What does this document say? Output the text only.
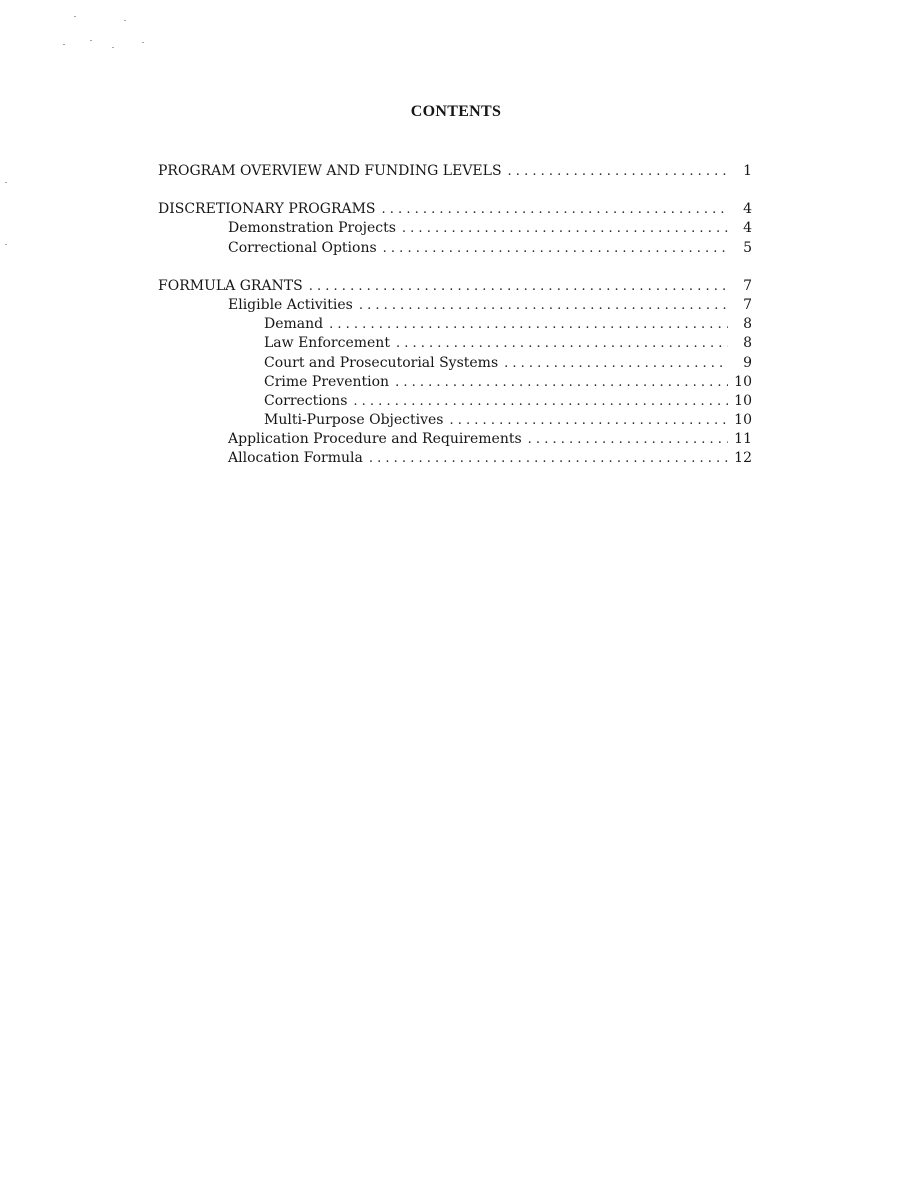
CONTENTS
PROGRAM OVERVIEW AND FUNDING LEVELS . . .	1
DISCRETIONARY PROGRAMS . . .	4
Demonstration Projects . . .	4
Correctional Options . . .	5
FORMULA GRANTS . . .	7
Eligible Activities . . .	7
Demand . . .	8
Law Enforcement . . .	8
Court and Prosecutorial Systems . . .	9
Crime Prevention . . .	10
Corrections . . .	10
Multi-Purpose Objectives . . .	10
Application Procedure and Requirements . . .	11
Allocation Formula . . .	12
